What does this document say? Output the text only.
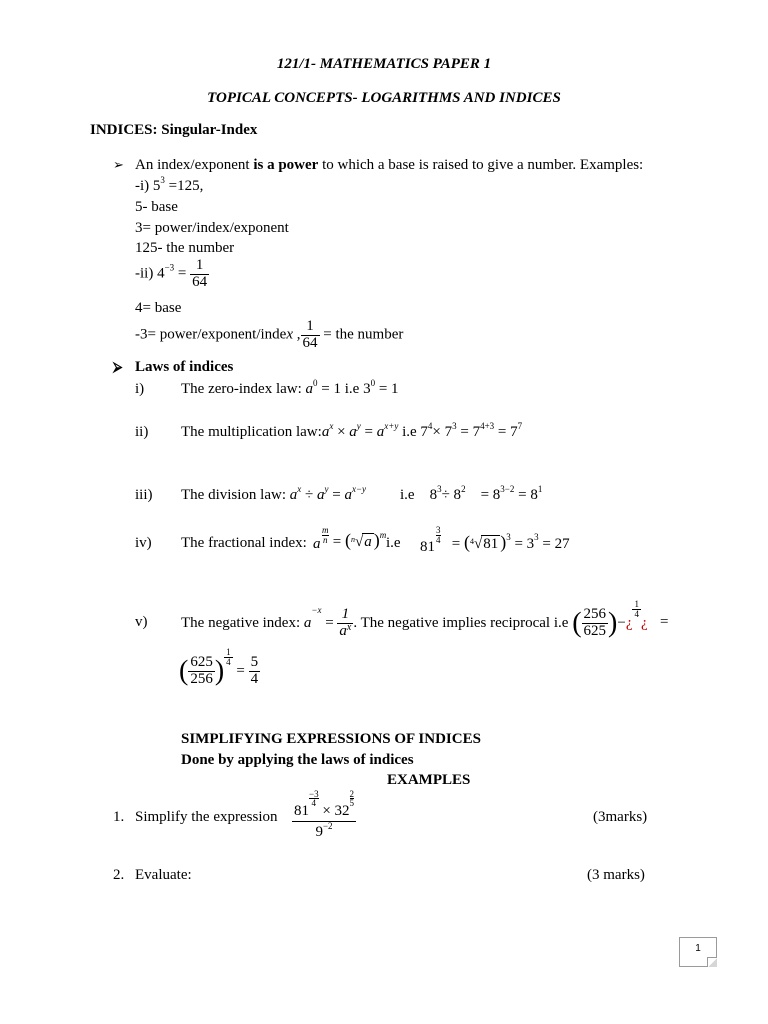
121/1- MATHEMATICS PAPER 1
TOPICAL CONCEPTS- LOGARITHMS AND INDICES
INDICES: Singular-Index
➢ An index/exponent is a power to which a base is raised to give a number. Examples:
-i) $5^3 =125$,
5- base
3= power/index/exponent
125- the number
-ii) $4^{-3} = \frac{1}{64}$
4= base
-3= power/exponent/index , $\frac{1}{64}$ = the number
⮚ Laws of indices
i) The zero-index law: $a^0 = 1$ i.e $3^0 = 1$
ii) The multiplication $law:a^x \times a^y = a^{x+y}$ i.e $7^4\times 7^3 = 7^{4+3} = 7^7$
iii) The division law: $a^x \div a^y = a^{x-y}$ i.e $8^3\div 8^2 = 8^{3-2} = 8^1$
iv) The fractional index: a
m
n = ($^n$√a )$^m$ i.e 81
3
4 = ($^4$√81 )$^3 = 3^3 = 27$
v) The negative index: $a^{-x} = \frac{1}{a^x}$ . The negative implies reciprocal i.e ( $\frac{256}{625}$ )−¿
$\frac{1}{4}$
¿ =
( $\frac{625}{256}$ ) $\frac{1}{4}$
= $\frac{5}{4}$
SIMPLIFYING EXPRESSIONS OF INDICES
Done by applying the laws of indices
EXAMPLES
1. Simplify the expression 81
$\frac{-3}{4}$
× 32
$\frac{2}{5}$
$9^{-2}$	(3marks)
2. Evaluate:	(3 marks)
1
